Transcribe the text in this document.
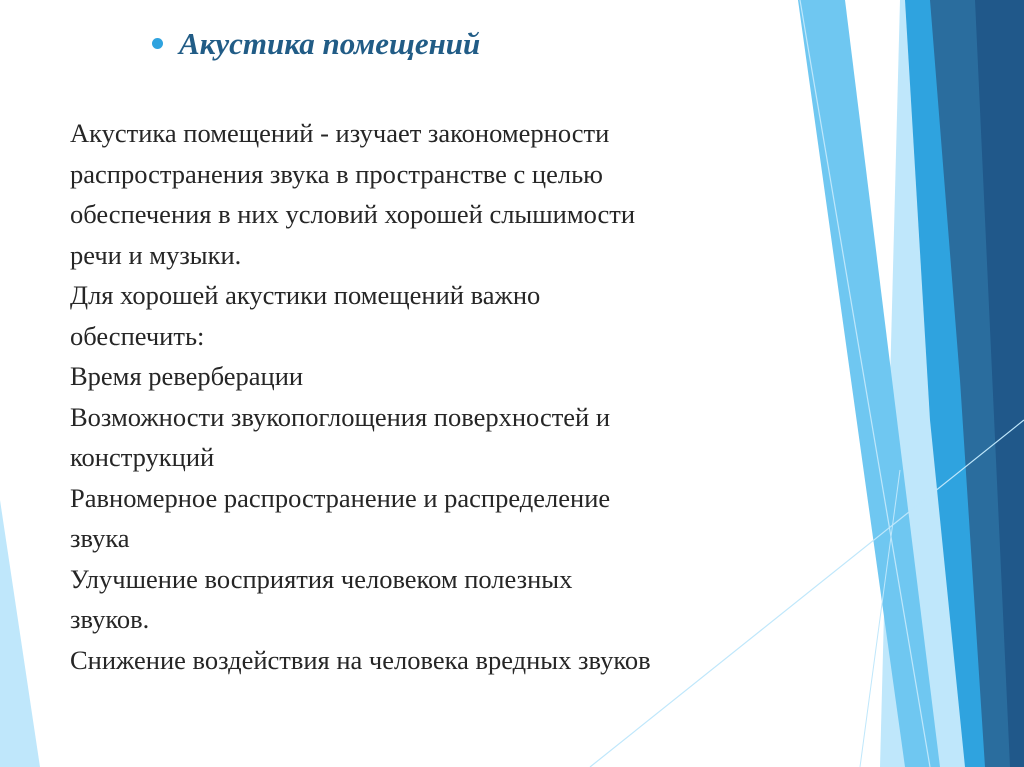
Акустика помещений
Акустика помещений - изучает закономерности
распространения звука в пространстве с целью
обеспечения в них условий хорошей слышимости
речи и музыки.
Для хорошей акустики помещений важно
обеспечить:
Время реверберации
Возможности звукопоглощения поверхностей и
конструкций
Равномерное распространение и распределение
звука
Улучшение восприятия человеком полезных
звуков.
Снижение воздействия на человека вредных звуков
